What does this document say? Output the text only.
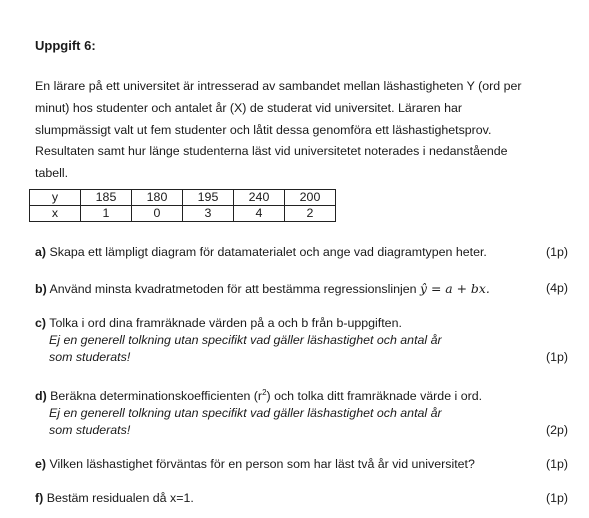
Uppgift 6:

En lärare på ett universitet är intresserad av sambandet mellan läshastigheten Y (ord per
minut) hos studenter och antalet år (X) de studerat vid universitet. Läraren har
slumpmässigt valt ut fem studenter och låtit dessa genomföra ett läshastighetsprov.
Resultaten samt hur länge studenterna läst vid universitetet noterades i nedanstående
tabell.

y	185	180	195	240	200
x	1	0	3	4	2
a) Skapa ett lämpligt diagram för datamaterialet och ange vad diagramtypen heter.	(1p)
b) Använd minsta kvadratmetoden för att bestämma regressionslinjen ŷ = a + bx.	(4p)
c) Tolka i ord dina framräknade värden på a och b från b-uppgiften.
Ej en generell tolkning utan specifikt vad gäller läshastighet och antal år
som studerats!	(1p)
d) Beräkna determinationskoefficienten $(r^2)$ och tolka ditt framräknade värde i ord.
Ej en generell tolkning utan specifikt vad gäller läshastighet och antal år
som studerats!	(2p)
e) Vilken läshastighet förväntas för en person som har läst två år vid universitet?	(1p)
f) Bestäm residualen då x=1.	(1p)
